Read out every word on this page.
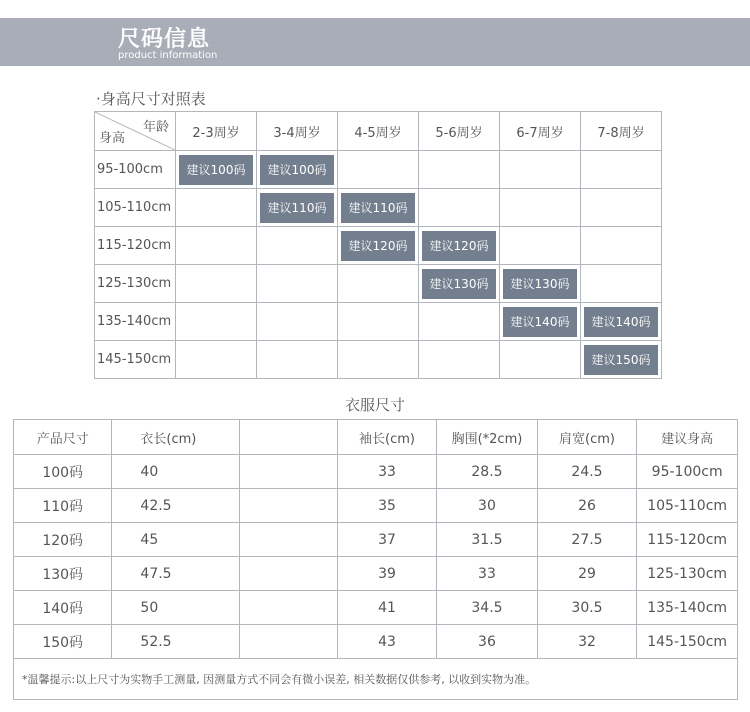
尺码信息
product information
·身高尺寸对照表
年龄
身高	2-3周岁	3-4周岁	4-5周岁	5-6周岁	6-7周岁	7-8周岁
95-100cm	建议100码	建议100码				
105-110cm		建议110码	建议110码			
115-120cm			建议120码	建议120码		
125-130cm				建议130码	建议130码	
135-140cm					建议140码	建议140码
145-150cm						建议150码
衣服尺寸
产品尺寸	衣长(cm)		袖长(cm)	胸围(*2cm)	肩宽(cm)	建议身高
100码	40		33	28.5	24.5	95-100cm
110码	42.5		35	30	26	105-110cm
120码	45		37	31.5	27.5	115-120cm
130码	47.5		39	33	29	125-130cm
140码	50		41	34.5	30.5	135-140cm
150码	52.5		43	36	32	145-150cm
*温馨提示:以上尺寸为实物手工测量, 因测量方式不同会有微小误差, 相关数据仅供参考, 以收到实物为准。						
